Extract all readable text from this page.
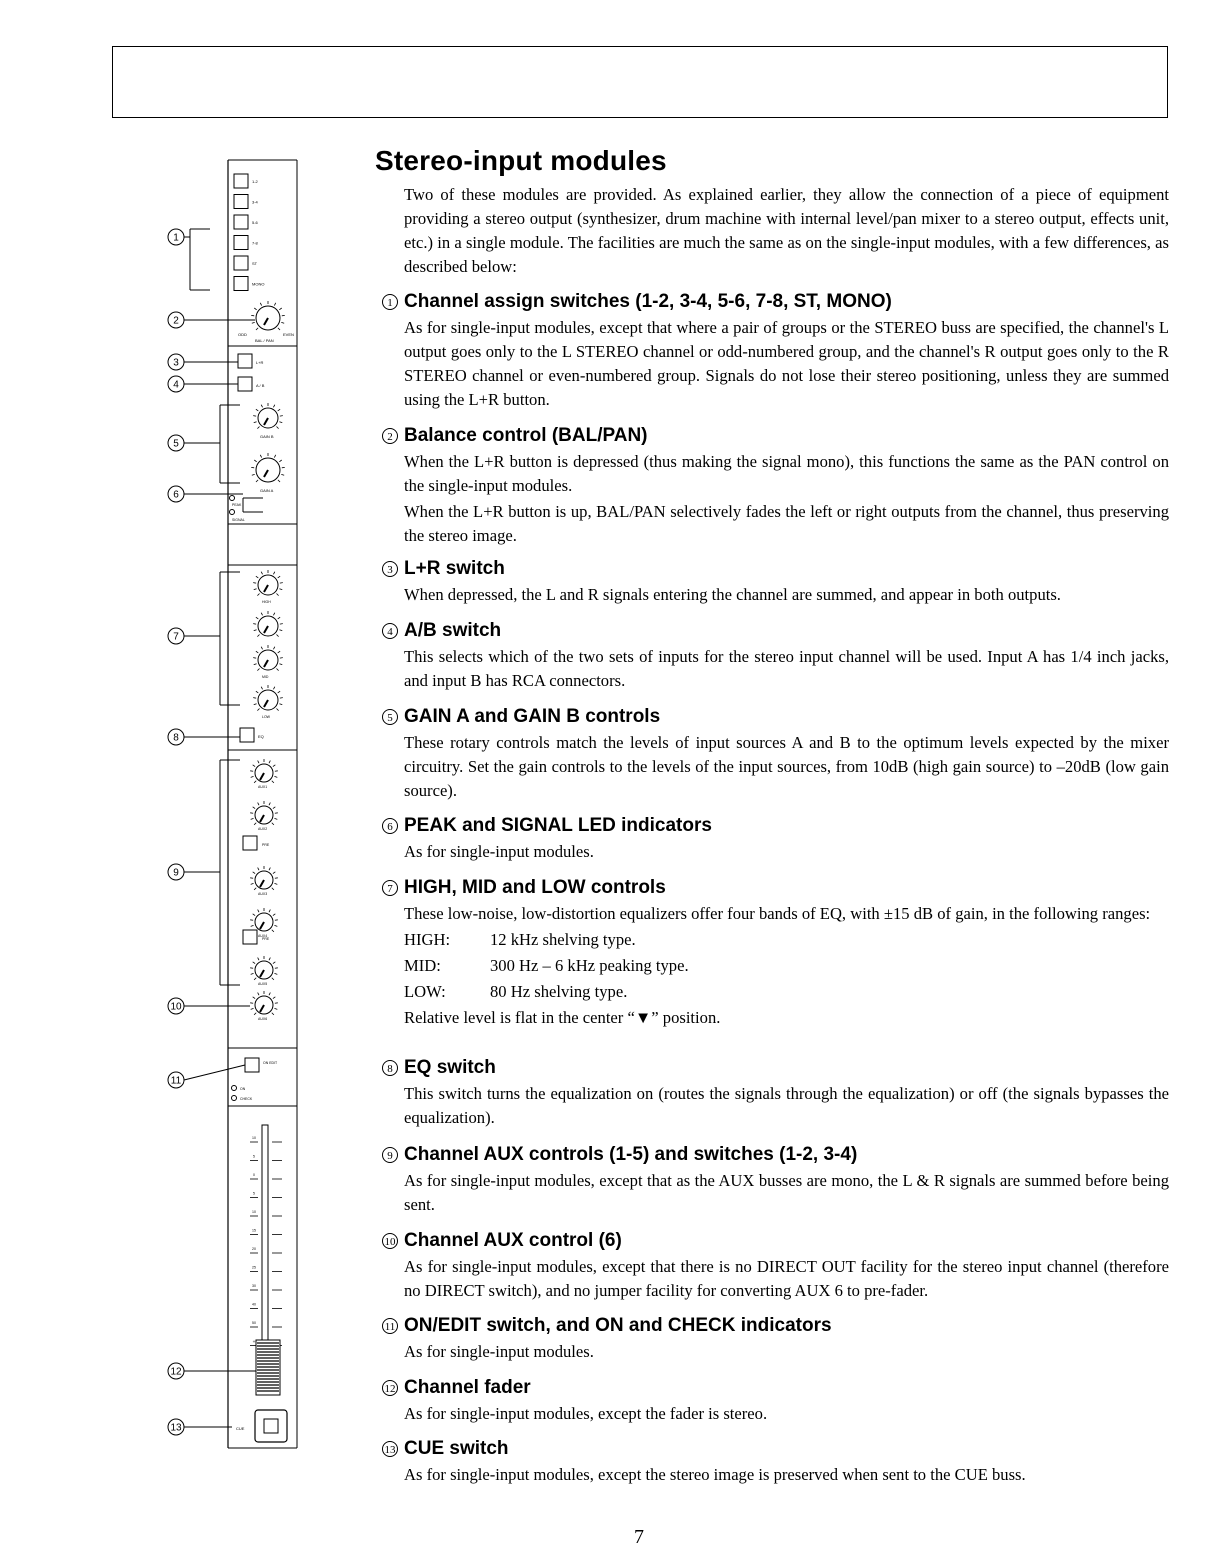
1-2
3-4
5-6
7-8
ST
MONO
ODD	EVEN
BAL / PAN
L+R
A / B
GAIN B
GAIN A
PEAK
SIGNAL
HIGH
MID
LOW
EQ
AUX1
AUX2
AUX3
AUX4
AUX5
AUX6
PRE
PRE
ON EDIT
ON
CHECK
10
5
0
5
10
15
20
25
30
40
50
∞
CUE
1
2
3
4
5
6
7
8
9
10
11
12
13
Stereo-input modules
Two of these modules are provided. As explained earlier, they allow the connection of a piece of equipment providing a stereo output (synthesizer, drum machine with internal level/pan mixer to a stereo output, effects unit, etc.) in a single module. The facilities are much the same as on the single-input modules, with a few differences, as described below:
1 Channel assign switches (1-2, 3-4, 5-6, 7-8, ST, MONO)
As for single-input modules, except that where a pair of groups or the STEREO buss are specified, the channel's L output goes only to the L STEREO channel or odd-numbered group, and the channel's R output goes only to the R STEREO channel or even-numbered group. Signals do not lose their stereo positioning, unless they are summed using the L+R button.
2 Balance control (BAL/PAN)
When the L+R button is depressed (thus making the signal mono), this functions the same as the PAN control on the single-input modules.
When the L+R button is up, BAL/PAN selectively fades the left or right outputs from the channel, thus preserving the stereo image.
3 L+R switch
When depressed, the L and R signals entering the channel are summed, and appear in both outputs.
4 A/B switch
This selects which of the two sets of inputs for the stereo input channel will be used. Input A has 1/4 inch jacks, and input B has RCA connectors.
5 GAIN A and GAIN B controls
These rotary controls match the levels of input sources A and B to the optimum levels expected by the mixer circuitry. Set the gain controls to the levels of the input sources, from 10dB (high gain source) to –20dB (low gain source).
6 PEAK and SIGNAL LED indicators
As for single-input modules.
7 HIGH, MID and LOW controls
These low-noise, low-distortion equalizers offer four bands of EQ, with ±15 dB of gain, in the following ranges:
HIGH:	12 kHz shelving type.
MID:	300 Hz – 6 kHz peaking type.
LOW:	80 Hz shelving type.
Relative level is flat in the center “▼” position.
8 EQ switch
This switch turns the equalization on (routes the signals through the equalization) or off (the signals bypasses the equalization).
9 Channel AUX controls (1-5) and switches (1-2, 3-4)
As for single-input modules, except that as the AUX busses are mono, the L & R signals are summed before being sent.
10 Channel AUX control (6)
As for single-input modules, except that there is no DIRECT OUT facility for the stereo input channel (therefore no DIRECT switch), and no jumper facility for converting AUX 6 to pre-fader.
11 ON/EDIT switch, and ON and CHECK indicators
As for single-input modules.
12 Channel fader
As for single-input modules, except the fader is stereo.
13 CUE switch
As for single-input modules, except the stereo image is preserved when sent to the CUE buss.
7
